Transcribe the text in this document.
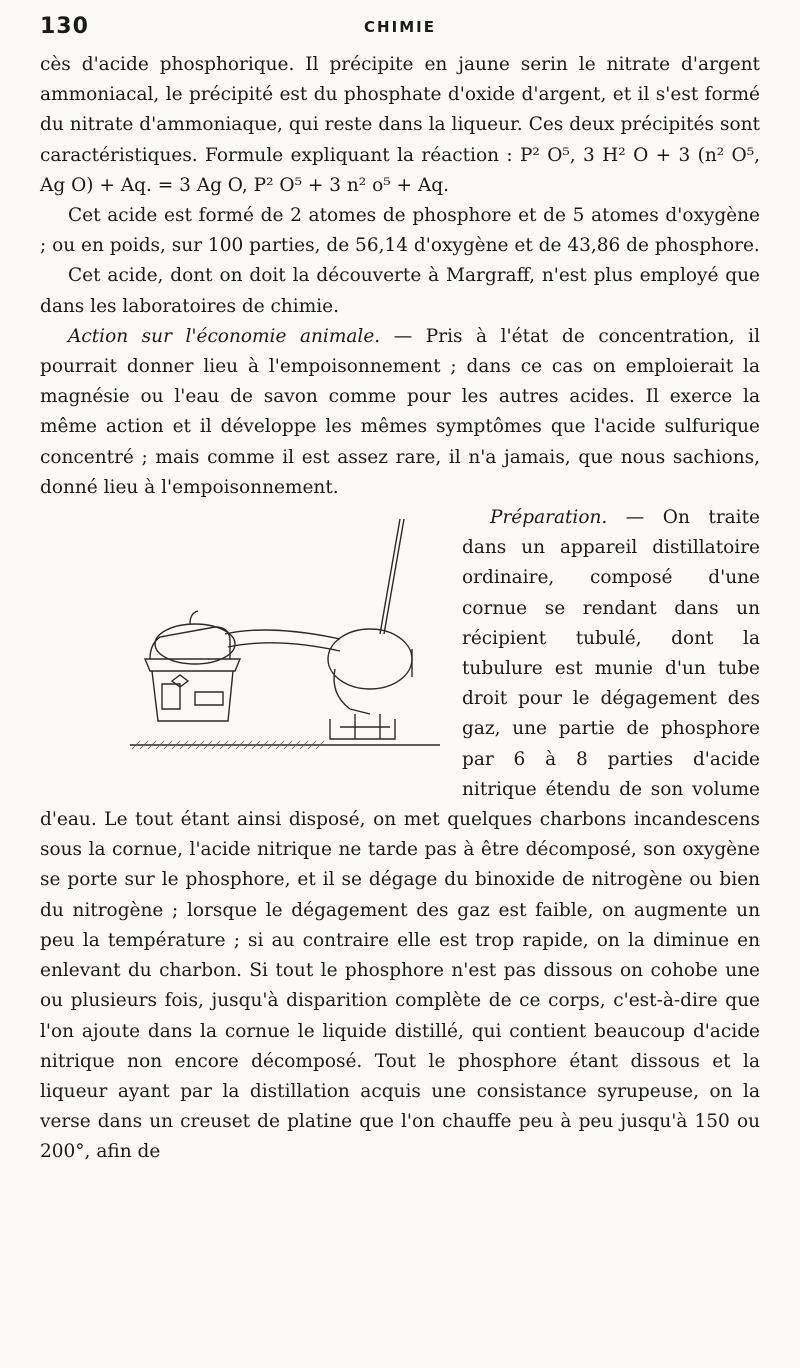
130	CHIMIE

cès d'acide phosphorique. Il précipite en jaune serin le nitrate d'argent ammoniacal, le précipité est du phosphate d'oxide d'argent, et il s'est formé du nitrate d'ammoniaque, qui reste dans la liqueur. Ces deux précipités sont caractéristiques. Formule expliquant la réaction : P² O⁵, 3 H² O + 3 (n² O⁵, Ag O) + Aq. = 3 Ag O, P² O⁵ + 3 n² o⁵ + Aq.

Cet acide est formé de 2 atomes de phosphore et de 5 atomes d'oxygène ; ou en poids, sur 100 parties, de 56,14 d'oxygène et de 43,86 de phosphore.

Cet acide, dont on doit la découverte à Margraff, n'est plus employé que dans les laboratoires de chimie.

Action sur l'économie animale. — Pris à l'état de concentration, il pourrait donner lieu à l'empoisonnement ; dans ce cas on emploierait la magnésie ou l'eau de savon comme pour les autres acides. Il exerce la même action et il développe les mêmes symptômes que l'acide sulfurique concentré ; mais comme il est assez rare, il n'a jamais, que nous sachions, donné lieu à l'empoisonnement.

Préparation. — On traite dans un appareil distillatoire ordinaire, composé d'une cornue se rendant dans un récipient tubulé, dont la tubulure est munie d'un tube droit pour le dégagement des gaz, une partie de phosphore par 6 à 8 parties d'acide nitrique étendu de son volume d'eau. Le tout étant ainsi disposé, on met quelques charbons incandescens sous la cornue, l'acide nitrique ne tarde pas à être décomposé, son oxygène se porte sur le phosphore, et il se dégage du binoxide de nitrogène ou bien du nitrogène ; lorsque le dégagement des gaz est faible, on augmente un peu la température ; si au contraire elle est trop rapide, on la diminue en enlevant du charbon. Si tout le phosphore n'est pas dissous on cohobe une ou plusieurs fois, jusqu'à disparition complète de ce corps, c'est-à-dire que l'on ajoute dans la cornue le liquide distillé, qui contient beaucoup d'acide nitrique non encore décomposé. Tout le phosphore étant dissous et la liqueur ayant par la distillation acquis une consistance syrupeuse, on la verse dans un creuset de platine que l'on chauffe peu à peu jusqu'à 150 ou 200°, afin de
